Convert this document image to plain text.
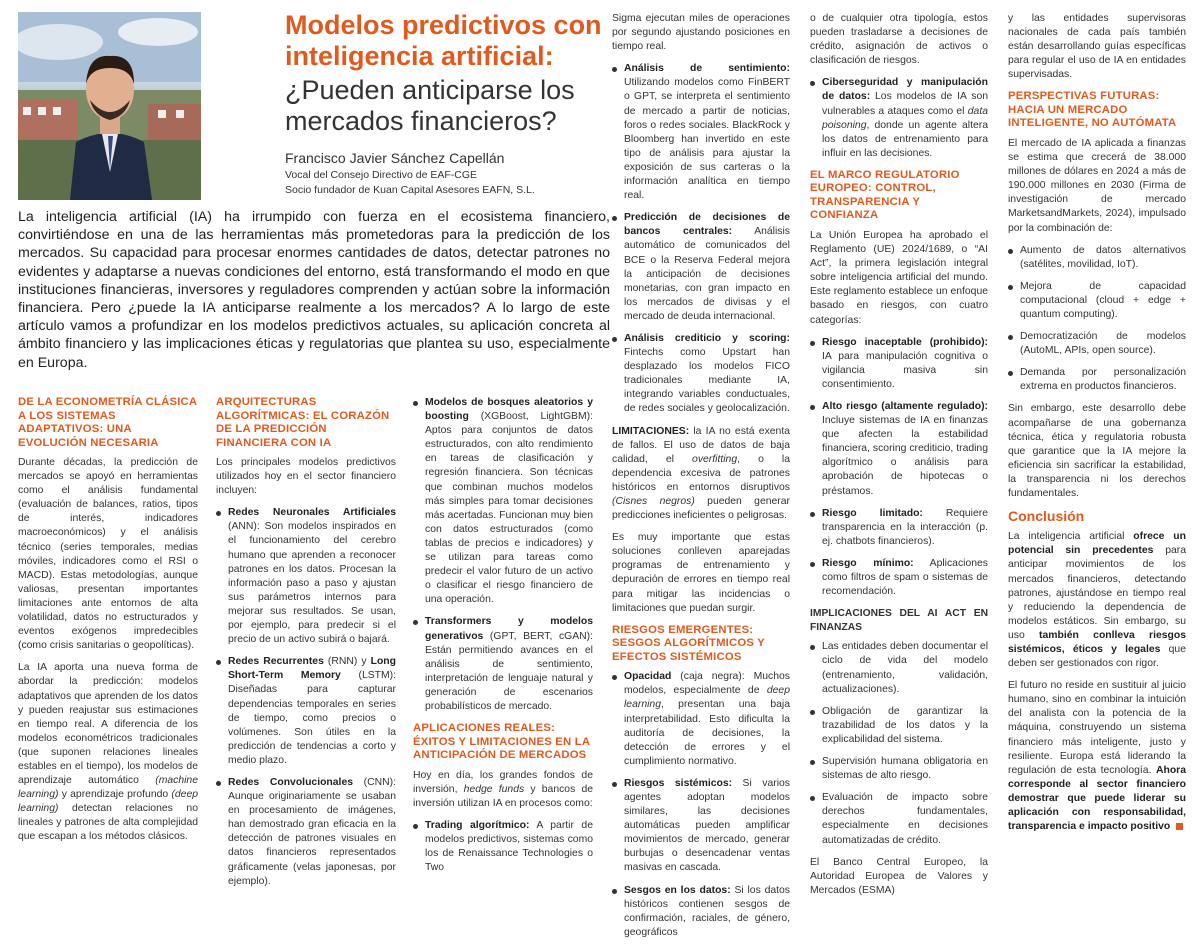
Modelos predictivos con inteligencia artificial:
¿Pueden anticiparse los mercados financieros?
Francisco Javier Sánchez Capellán
Vocal del Consejo Directivo de EAF-CGE
Socio fundador de Kuan Capital Asesores EAFN, S.L.

La inteligencia artificial (IA) ha irrumpido con fuerza en el ecosistema financiero, convirtiéndose en una de las herramientas más prometedoras para la predicción de los mercados. Su capacidad para procesar enormes cantidades de datos, detectar patrones no evidentes y adaptarse a nuevas condiciones del entorno, está transformando el modo en que instituciones financieras, inversores y reguladores comprenden y actúan sobre la información financiera. Pero ¿puede la IA anticiparse realmente a los mercados? A lo largo de este artículo vamos a profundizar en los modelos predictivos actuales, su aplicación concreta al ámbito financiero y las implicaciones éticas y regulatorias que plantea su uso, especialmente en Europa.

DE LA ECONOMETRÍA CLÁSICA A LOS SISTEMAS ADAPTATIVOS: UNA EVOLUCIÓN NECESARIA

Durante décadas, la predicción de mercados se apoyó en herramientas como el análisis fundamental (evaluación de balances, ratios, tipos de interés, indicadores macroeconómicos) y el análisis técnico (series temporales, medias móviles, indicadores como el RSI o MACD). Estas metodologías, aunque valiosas, presentan importantes limitaciones ante entornos de alta volatilidad, datos no estructurados y eventos exógenos impredecibles (como crisis sanitarias o geopolíticas).

La IA aporta una nueva forma de abordar la predicción: modelos adaptativos que aprenden de los datos y pueden reajustar sus estimaciones en tiempo real. A diferencia de los modelos econométricos tradicionales (que suponen relaciones lineales estables en el tiempo), los modelos de aprendizaje automático (machine learning) y aprendizaje profundo (deep learning) detectan relaciones no lineales y patrones de alta complejidad que escapan a los métodos clásicos.

ARQUITECTURAS ALGORÍTMICAS: EL CORAZÓN DE LA PREDICCIÓN FINANCIERA CON IA

Los principales modelos predictivos utilizados hoy en el sector financiero incluyen:

Redes Neuronales Artificiales (ANN): Son modelos inspirados en el funcionamiento del cerebro humano que aprenden a reconocer patrones en los datos. Procesan la información paso a paso y ajustan sus parámetros internos para mejorar sus resultados. Se usan, por ejemplo, para predecir si el precio de un activo subirá o bajará.
Redes Recurrentes (RNN) y Long Short-Term Memory (LSTM): Diseñadas para capturar dependencias temporales en series de tiempo, como precios o volúmenes. Son útiles en la predicción de tendencias a corto y medio plazo.
Redes Convolucionales (CNN): Aunque originariamente se usaban en procesamiento de imágenes, han demostrado gran eficacia en la detección de patrones visuales en datos financieros representados gráficamente (velas japonesas, por ejemplo).
Modelos de bosques aleatorios y boosting (XGBoost, LightGBM): Aptos para conjuntos de datos estructurados, con alto rendimiento en tareas de clasificación y regresión financiera. Son técnicas que combinan muchos modelos más simples para tomar decisiones más acertadas. Funcionan muy bien con datos estructurados (como tablas de precios e indicadores) y se utilizan para tareas como predecir el valor futuro de un activo o clasificar el riesgo financiero de una operación.
Transformers y modelos generativos (GPT, BERT, cGAN): Están permitiendo avances en el análisis de sentimiento, interpretación de lenguaje natural y generación de escenarios probabilísticos de mercado.
APLICACIONES REALES: ÉXITOS Y LIMITACIONES EN LA ANTICIPACIÓN DE MERCADOS

Hoy en día, los grandes fondos de inversión, hedge funds y bancos de inversión utilizan IA en procesos como:

Trading algorítmico: A partir de modelos predictivos, sistemas como los de Renaissance Technologies o Two

Sigma ejecutan miles de operaciones por segundo ajustando posiciones en tiempo real.

Análisis de sentimiento: Utilizando modelos como FinBERT o GPT, se interpreta el sentimiento de mercado a partir de noticias, foros o redes sociales. BlackRock y Bloomberg han invertido en este tipo de análisis para ajustar la exposición de sus carteras o la información analítica en tiempo real.
Predicción de decisiones de bancos centrales: Análisis automático de comunicados del BCE o la Reserva Federal mejora la anticipación de decisiones monetarias, con gran impacto en los mercados de divisas y el mercado de deuda internacional.
Análisis crediticio y scoring: Fintechs como Upstart han desplazado los modelos FICO tradicionales mediante IA, integrando variables conductuales, de redes sociales y geolocalización.

LIMITACIONES: la IA no está exenta de fallos. El uso de datos de baja calidad, el overfitting, o la dependencia excesiva de patrones históricos en entornos disruptivos (Cisnes negros) pueden generar predicciones ineficientes o peligrosas.

Es muy importante que estas soluciones conlleven aparejadas programas de entrenamiento y depuración de errores en tiempo real para mitigar las incidencias o limitaciones que puedan surgir.

RIESGOS EMERGENTES: SESGOS ALGORÍTMICOS Y EFECTOS SISTÉMICOS
Opacidad (caja negra): Muchos modelos, especialmente de deep learning, presentan una baja interpretabilidad. Esto dificulta la auditoría de decisiones, la detección de errores y el cumplimiento normativo.
Riesgos sistémicos: Si varios agentes adoptan modelos similares, las decisiones automáticas pueden amplificar movimientos de mercado, generar burbujas o desencadenar ventas masivas en cascada.
Sesgos en los datos: Si los datos históricos contienen sesgos de confirmación, raciales, de género, geográficos

o de cualquier otra tipología, estos pueden trasladarse a decisiones de crédito, asignación de activos o clasificación de riesgos.

Ciberseguridad y manipulación de datos: Los modelos de IA son vulnerables a ataques como el data poisoning, donde un agente altera los datos de entrenamiento para influir en las decisiones.
EL MARCO REGULATORIO EUROPEO: CONTROL, TRANSPARENCIA Y CONFIANZA

La Unión Europea ha aprobado el Reglamento (UE) 2024/1689, o “AI Act”, la primera legislación integral sobre inteligencia artificial del mundo. Este reglamento establece un enfoque basado en riesgos, con cuatro categorías:

Riesgo inaceptable (prohibido): IA para manipulación cognitiva o vigilancia masiva sin consentimiento.
Alto riesgo (altamente regulado): Incluye sistemas de IA en finanzas que afecten la estabilidad financiera, scoring crediticio, trading algorítmico o análisis para aprobación de hipotecas o préstamos.
Riesgo limitado: Requiere transparencia en la interacción (p. ej. chatbots financieros).
Riesgo mínimo: Aplicaciones como filtros de spam o sistemas de recomendación.
IMPLICACIONES DEL AI ACT EN FINANZAS
Las entidades deben documentar el ciclo de vida del modelo (entrenamiento, validación, actualizaciones).
Obligación de garantizar la trazabilidad de los datos y la explicabilidad del sistema.
Supervisión humana obligatoria en sistemas de alto riesgo.
Evaluación de impacto sobre derechos fundamentales, especialmente en decisiones automatizadas de crédito.

El Banco Central Europeo, la Autoridad Europea de Valores y Mercados (ESMA)

y las entidades supervisoras nacionales de cada país también están desarrollando guías específicas para regular el uso de IA en entidades supervisadas.

PERSPECTIVAS FUTURAS: HACIA UN MERCADO INTELIGENTE, NO AUTÓMATA

El mercado de IA aplicada a finanzas se estima que crecerá de 38.000 millones de dólares en 2024 a más de 190.000 millones en 2030 (Firma de investigación de mercado MarketsandMarkets, 2024), impulsado por la combinación de:

Aumento de datos alternativos (satélites, movilidad, IoT).
Mejora de capacidad computacional (cloud + edge + quantum computing).
Democratización de modelos (AutoML, APIs, open source).
Demanda por personalización extrema en productos financieros.

Sin embargo, este desarrollo debe acompañarse de una gobernanza técnica, ética y regulatoria robusta que garantice que la IA mejore la eficiencia sin sacrificar la estabilidad, la transparencia ni los derechos fundamentales.

Conclusión

La inteligencia artificial ofrece un potencial sin precedentes para anticipar movimientos de los mercados financieros, detectando patrones, ajustándose en tiempo real y reduciendo la dependencia de modelos estáticos. Sin embargo, su uso también conlleva riesgos sistémicos, éticos y legales que deben ser gestionados con rigor.

El futuro no reside en sustituir al juicio humano, sino en combinar la intuición del analista con la potencia de la máquina, construyendo un sistema financiero más inteligente, justo y resiliente. Europa está liderando la regulación de esta tecnología. Ahora corresponde al sector financiero demostrar que puede liderar su aplicación con responsabilidad, transparencia e impacto positivo
